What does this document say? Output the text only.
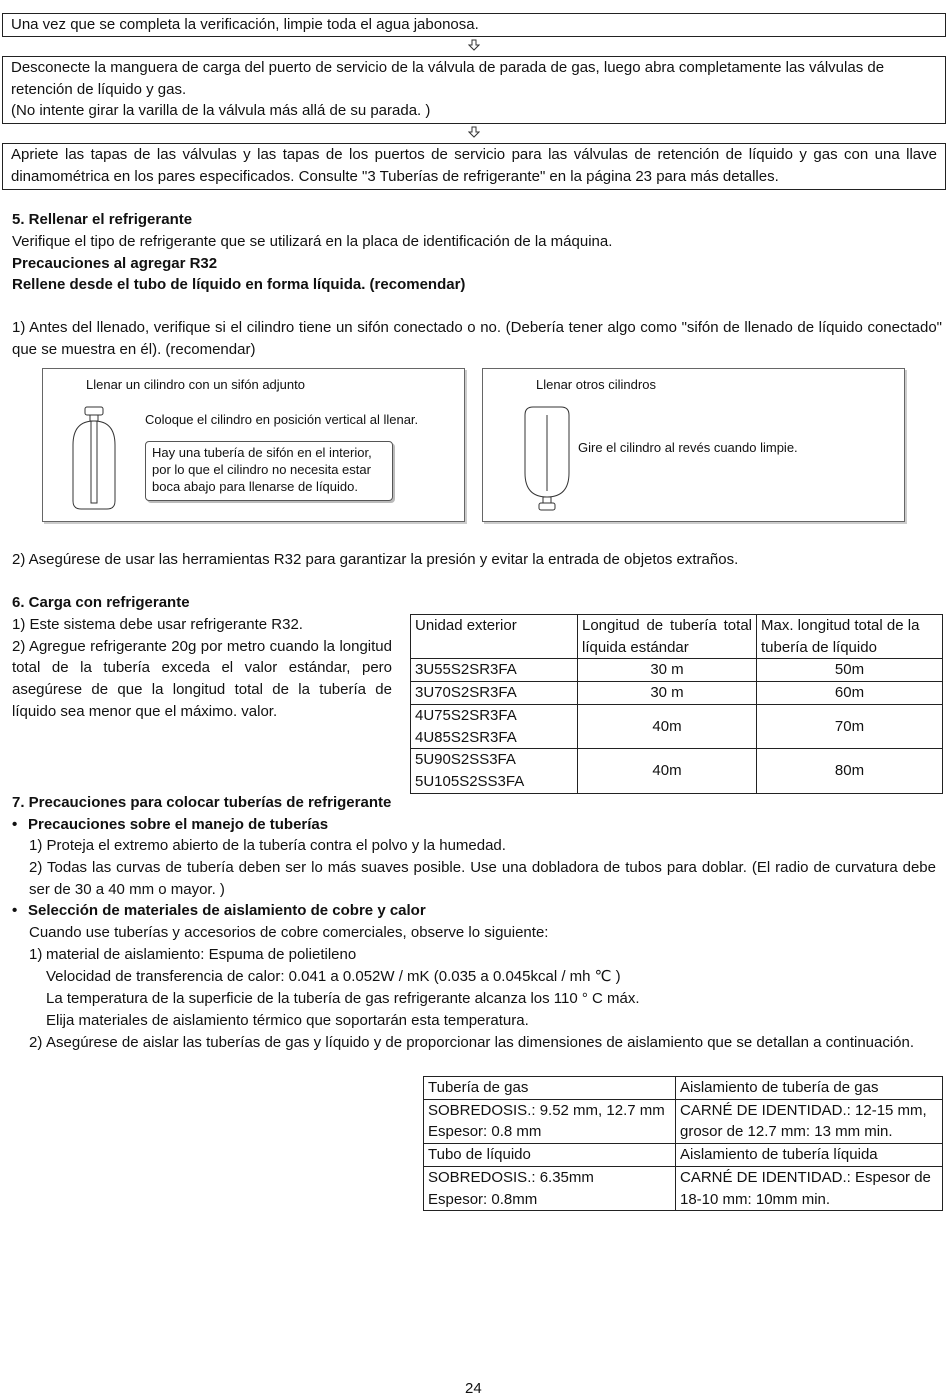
Una vez que se completa la verificación, limpie toda el agua jabonosa.
Desconecte la manguera de carga del puerto de servicio de la válvula de parada de gas, luego abra completamente las válvulas de retención de líquido y gas.
(No intente girar la varilla de la válvula más allá de su parada. )
Apriete las tapas de las válvulas y las tapas de los puertos de servicio para las válvulas de retención de líquido y gas con una llave dinamométrica en los pares especificados. Consulte "3 Tuberías de refrigerante" en la página 23 para más detalles.
5. Rellenar el refrigerante
Verifique el tipo de refrigerante que se utilizará en la placa de identificación de la máquina.
Precauciones al agregar R32
Rellene desde el tubo de líquido en forma líquida. (recomendar)
1) Antes del llenado, verifique si el cilindro tiene un sifón conectado o no. (Debería tener algo como "sifón de llenado de líquido conectado" que se muestra en él). (recomendar)
Llenar un cilindro con un sifón adjunto
Coloque el cilindro en posición vertical al llenar.
Hay una tubería de sifón en el interior, por lo que el cilindro no necesita estar boca abajo para llenarse de líquido.
Llenar otros cilindros
Gire el cilindro al revés cuando limpie.
2) Asegúrese de usar las herramientas R32 para garantizar la presión y evitar la entrada de objetos extraños.
6. Carga con refrigerante
1) Este sistema debe usar refrigerante R32.
2) Agregue refrigerante 20g por metro cuando la longitud total de la tubería exceda el valor estándar, pero asegúrese de que la longitud total de la tubería de líquido sea menor que el máximo. valor.
Unidad exterior	Longitud de tubería total líquida estándar	Max. longitud total de la tubería de líquido
3U55S2SR3FA	30 m	50m
3U70S2SR3FA	30 m	60m
4U75S2SR3FA
4U85S2SR3FA	40m	70m
5U90S2SS3FA
5U105S2SS3FA	40m	80m
7. Precauciones para colocar tuberías de refrigerante
• Precauciones sobre el manejo de tuberías
1) Proteja el extremo abierto de la tubería contra el polvo y la humedad.
2) Todas las curvas de tubería deben ser lo más suaves posible. Use una dobladora de tubos para doblar. (El radio de curvatura debe ser de 30 a 40 mm o mayor. )
• Selección de materiales de aislamiento de cobre y calor
Cuando use tuberías y accesorios de cobre comerciales, observe lo siguiente:
1) material de aislamiento: Espuma de polietileno
Velocidad de transferencia de calor: 0.041 a 0.052W / mK (0.035 a 0.045kcal / mh ℃ )
La temperatura de la superficie de la tubería de gas refrigerante alcanza los 110 ° C máx.
Elija materiales de aislamiento térmico que soportarán esta temperatura.
2) Asegúrese de aislar las tuberías de gas y líquido y de proporcionar las dimensiones de aislamiento que se detallan a continuación.
Tubería de gas	Aislamiento de tubería de gas
SOBREDOSIS.: 9.52 mm, 12.7 mm
Espesor: 0.8 mm	CARNÉ DE IDENTIDAD.: 12-15 mm, grosor de 12.7 mm: 13 mm min.
Tubo de líquido	Aislamiento de tubería líquida
SOBREDOSIS.: 6.35mm
Espesor: 0.8mm	CARNÉ DE IDENTIDAD.: Espesor de 18-10 mm: 10mm min.
24
